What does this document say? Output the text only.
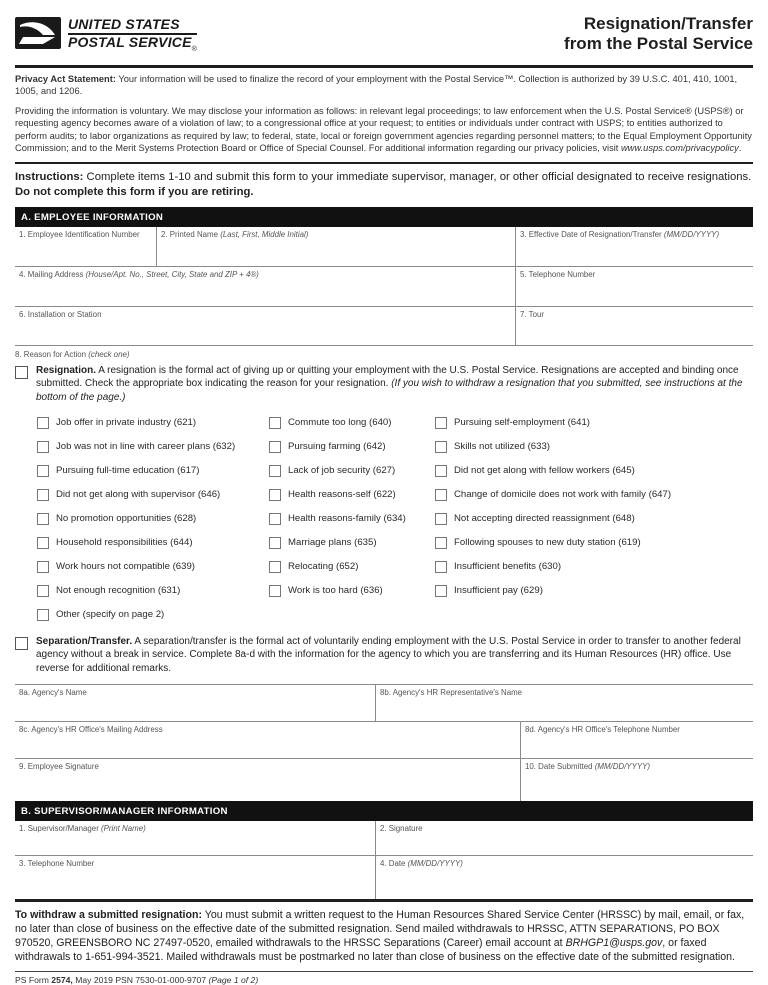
UNITED STATES
POSTAL $SERVICE_®$
Resignation/Transfer
from the Postal Service

Privacy Act Statement: Your information will be used to finalize the record of your employment with the Postal Service™. Collection is authorized by 39 U.S.C. 401, 410, 1001, 1005, and 1206.

Providing the information is voluntary. We may disclose your information as follows: in relevant legal proceedings; to law enforcement when the U.S. Postal Service® (USPS®) or requesting agency becomes aware of a violation of law; to a congressional office at your request; to entities or individuals under contract with USPS; to entities authorized to perform audits; to labor organizations as required by law; to federal, state, local or foreign government agencies regarding personnel matters; to the Equal Employment Opportunity Commission; and to the Merit Systems Protection Board or Office of Special Counsel. For additional information regarding our privacy policies, visit www.usps.com/privacypolicy.

Instructions: Complete items 1-10 and submit this form to your immediate supervisor, manager, or other official designated to receive resignations. Do not complete this form if you are retiring.

A. EMPLOYEE INFORMATION
1. Employee Identification Number	2. Printed Name (Last, First, Middle Initial)	3. Effective Date of Resignation/Transfer (MM/DD/YYYY)
4. Mailing Address (House/Apt. No., Street, City, State and ZIP + 4®)	5. Telephone Number
6. Installation or Station	7. Tour
8. Reason for Action (check one)
Resignation. A resignation is the formal act of giving up or quitting your employment with the U.S. Postal Service. Resignations are accepted and binding once submitted. Check the appropriate box indicating the reason for your resignation. (If you wish to withdraw a resignation that you submitted, see instructions at the bottom of the page.)
Job offer in private industry (621)	Commute too long (640)	Pursuing self-employment (641)
Job was not in line with career plans (632)	Pursuing farming (642)	Skills not utilized (633)
Pursuing full-time education (617)	Lack of job security (627)	Did not get along with fellow workers (645)
Did not get along with supervisor (646)	Health reasons-self (622)	Change of domicile does not work with family (647)
No promotion opportunities (628)	Health reasons-family (634)	Not accepting directed reassignment (648)
Household responsibilities (644)	Marriage plans (635)	Following spouses to new duty station (619)
Work hours not compatible (639)	Relocating (652)	Insufficient benefits (630)
Not enough recognition (631)	Work is too hard (636)	Insufficient pay (629)
Other (specify on page 2)
Separation/Transfer. A separation/transfer is the formal act of voluntarily ending employment with the U.S. Postal Service in order to transfer to another federal agency without a break in service. Complete 8a-d with the information for the agency to which you are transferring and its Human Resources (HR) office. Use reverse for additional remarks.
8a. Agency's Name	8b. Agency's HR Representative's Name
8c. Agency's HR Office's Mailing Address	8d. Agency's HR Office's Telephone Number
9. Employee Signature	10. Date Submitted (MM/DD/YYYY)
B. SUPERVISOR/MANAGER INFORMATION
1. Supervisor/Manager (Print Name)	2. Signature
3. Telephone Number	4. Date (MM/DD/YYYY)

To withdraw a submitted resignation: You must submit a written request to the Human Resources Shared Service Center (HRSSC) by mail, email, or fax, no later than close of business on the effective date of the submitted resignation. Send mailed withdrawals to HRSSC, ATTN SEPARATIONS, PO BOX 970520, GREENSBORO NC 27497-0520, emailed withdrawals to the HRSSC Separations (Career) email account at BRHGP1@usps.gov, or faxed withdrawals to 1-651-994-3521. Mailed withdrawals must be postmarked no later than close of business on the effective date of the submitted resignation.

PS Form 2574, May 2019 PSN 7530-01-000-9707 (Page 1 of 2)
